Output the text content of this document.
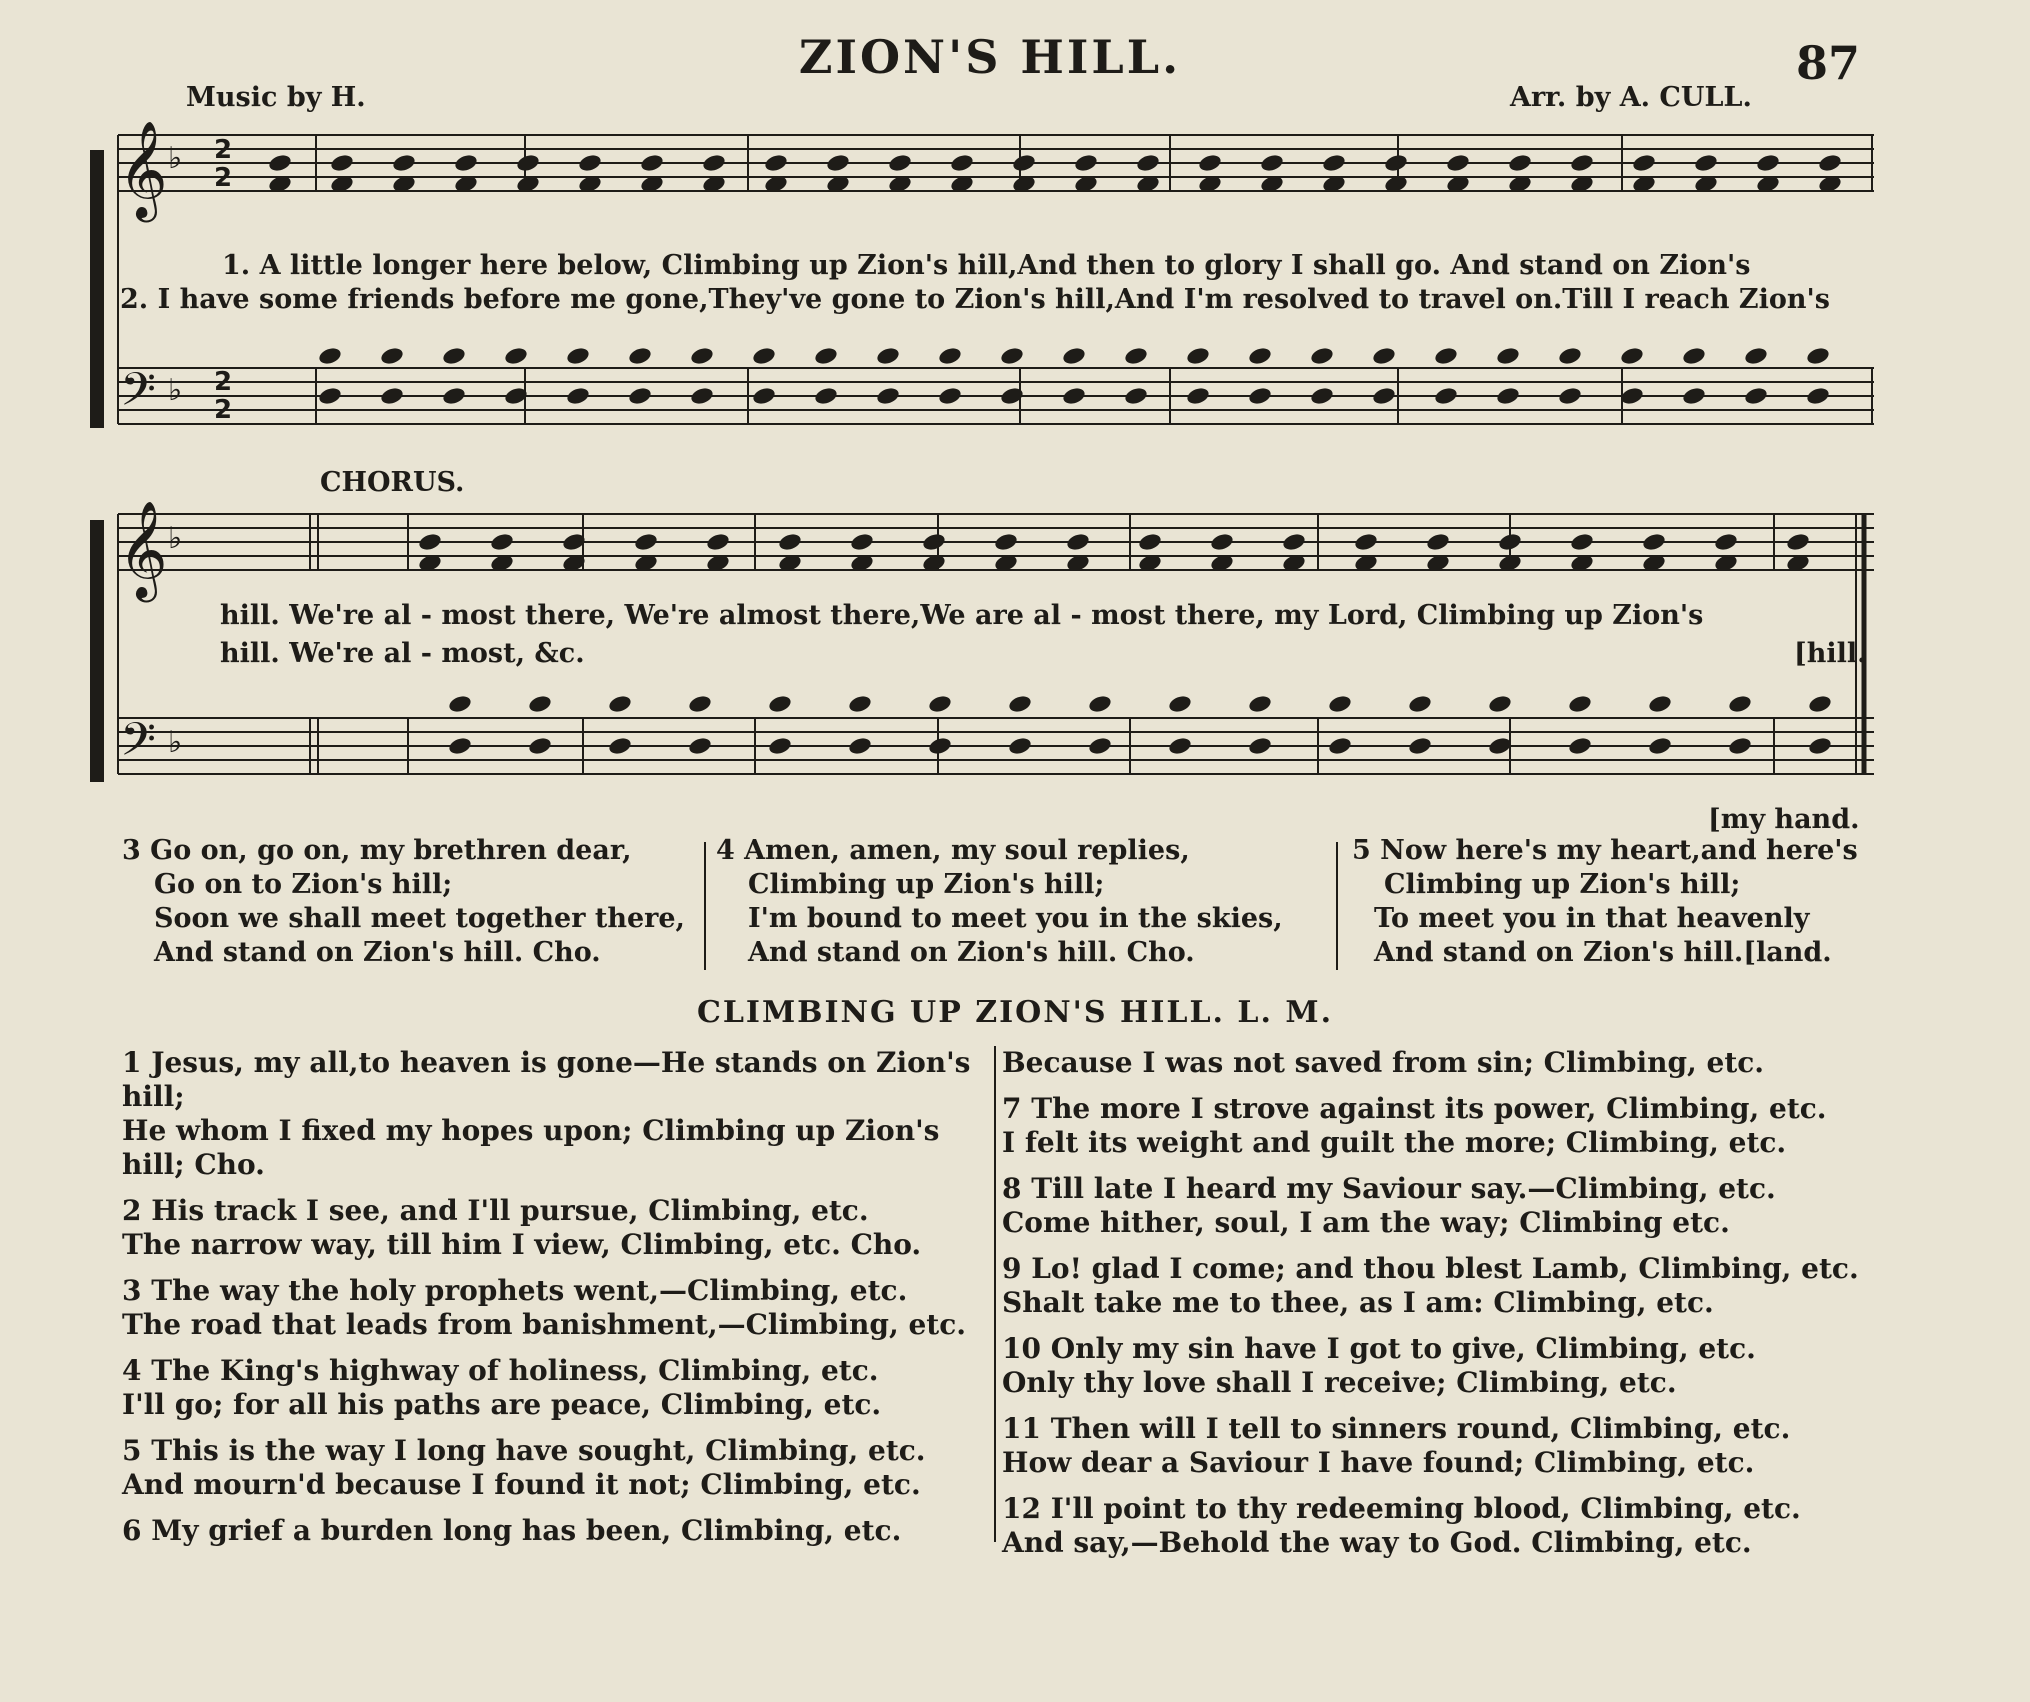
ZION'S HILL.	87
Music by H.	Arr. by A. CULL.
𝄞
𝄢
𝄞
𝄢
♭
♭
♭
♭
2
2
2
2
1. A little longer here below, Climbing up Zion's hill,And then to glory I shall go. And stand on Zion's
2. I have some friends before me gone,They've gone to Zion's hill,And I'm resolved to travel on.Till I reach Zion's
CHORUS.
hill. We're al - most there, We're almost there,We are al - most there, my Lord, Climbing up Zion's
hill. We're al - most, &c.	[hill.
[my hand.
3 Go on, go on, my brethren dear,
Go on to Zion's hill;
Soon we shall meet together there,
And stand on Zion's hill. Cho.
4 Amen, amen, my soul replies,
Climbing up Zion's hill;
I'm bound to meet you in the skies,
And stand on Zion's hill. Cho.
5 Now here's my heart,and here's
Climbing up Zion's hill;
To meet you in that heavenly
And stand on Zion's hill.[land.
CLIMBING UP ZION'S HILL. L. M.
1 Jesus, my all,to heaven is gone—He stands on Zion's
hill;
He whom I fixed my hopes upon; Climbing up Zion's
hill; Cho.
2 His track I see, and I'll pursue, Climbing, etc.
The narrow way, till him I view, Climbing, etc. Cho.
3 The way the holy prophets went,—Climbing, etc.
The road that leads from banishment,—Climbing, etc.
4 The King's highway of holiness, Climbing, etc.
I'll go; for all his paths are peace, Climbing, etc.
5 This is the way I long have sought, Climbing, etc.
And mourn'd because I found it not; Climbing, etc.
6 My grief a burden long has been, Climbing, etc.
Because I was not saved from sin; Climbing, etc.
7 The more I strove against its power, Climbing, etc.
I felt its weight and guilt the more; Climbing, etc.
8 Till late I heard my Saviour say.—Climbing, etc.
Come hither, soul, I am the way; Climbing etc.
9 Lo! glad I come; and thou blest Lamb, Climbing, etc.
Shalt take me to thee, as I am: Climbing, etc.
10 Only my sin have I got to give, Climbing, etc.
Only thy love shall I receive; Climbing, etc.
11 Then will I tell to sinners round, Climbing, etc.
How dear a Saviour I have found; Climbing, etc.
12 I'll point to thy redeeming blood, Climbing, etc.
And say,—Behold the way to God. Climbing, etc.
